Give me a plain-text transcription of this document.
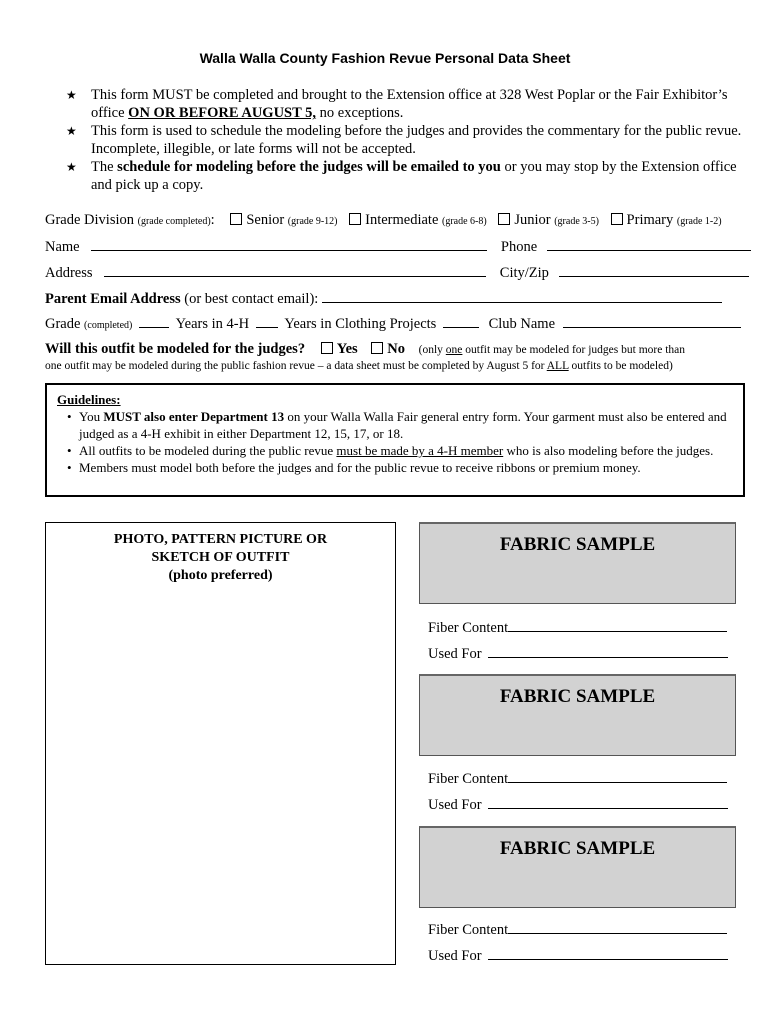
Walla Walla County Fashion Revue Personal Data Sheet
★ This form MUST be completed and brought to the Extension office at 328 West Poplar or the Fair Exhibitor’s office ON OR BEFORE AUGUST 5, no exceptions.
★ This form is used to schedule the modeling before the judges and provides the commentary for the public revue. Incomplete, illegible, or late forms will not be accepted.
★ The schedule for modeling before the judges will be emailed to you or you may stop by the Extension office and pick up a copy.
Grade Division (grade completed): Senior (grade 9-12) Intermediate (grade 6-8) Junior (grade 3-5) Primary (grade 1-2)
Name	Phone
Address	City/Zip
Parent Email Address (or best contact email):
Grade (completed)	Years in 4-H Years in Clothing Projects	Club Name
Will this outfit be modeled for the judges? Yes No (only one outfit may be modeled for judges but more than
one outfit may be modeled during the public fashion revue – a data sheet must be completed by August 5 for ALL outfits to be modeled)
Guidelines:
• You MUST also enter Department 13 on your Walla Walla Fair general entry form. Your garment must also be entered and judged as a 4-H exhibit in either Department 12, 15, 17, or 18.
• All outfits to be modeled during the public revue must be made by a 4-H member who is also modeling before the judges.
• Members must model both before the judges and for the public revue to receive ribbons or premium money.
PHOTO, PATTERN PICTURE OR
SKETCH OF OUTFIT
(photo preferred)
FABRIC SAMPLE
Fiber Content
Used For
FABRIC SAMPLE
Fiber Content
Used For
FABRIC SAMPLE
Fiber Content
Used For
